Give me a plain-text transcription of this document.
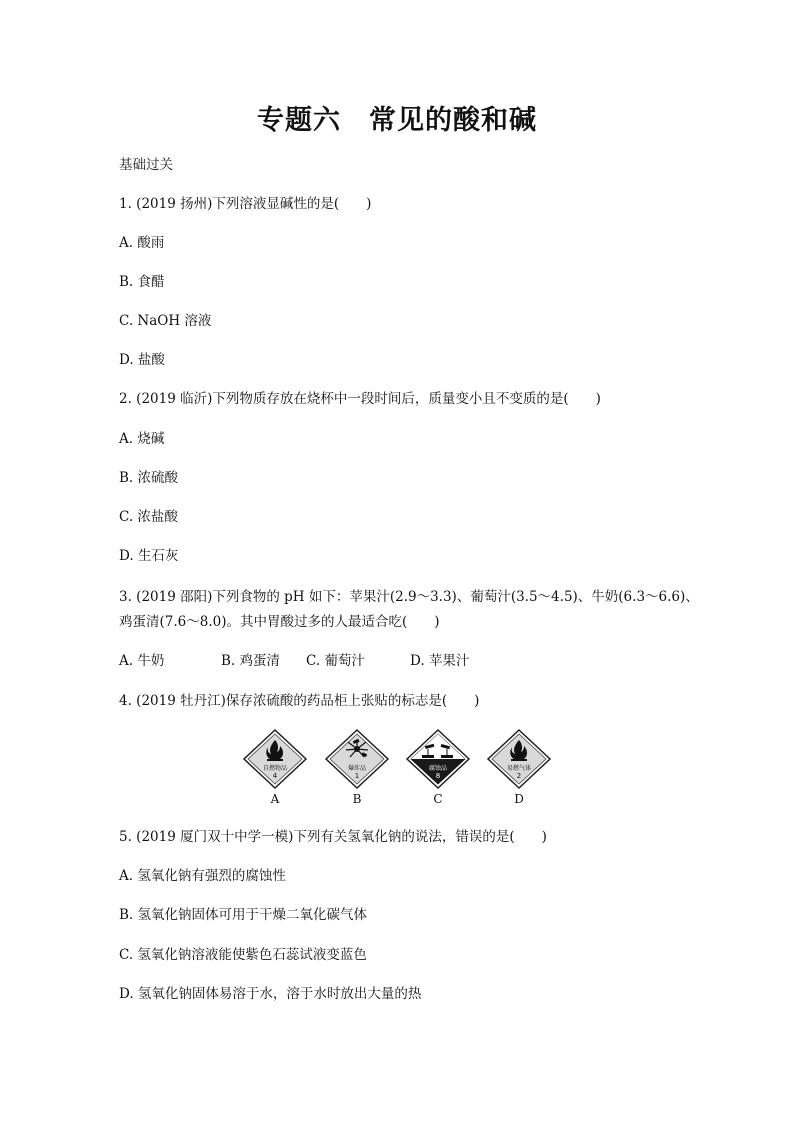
专题六　常见的酸和碱
基础过关
1. (2019 扬州)下列溶液显碱性的是(　　)
A. 酸雨
B. 食醋
C. NaOH 溶液
D. 盐酸
2. (2019 临沂)下列物质存放在烧杯中一段时间后，质量变小且不变质的是(　　)
A. 烧碱
B. 浓硫酸
C. 浓盐酸
D. 生石灰
3. (2019 邵阳)下列食物的 pH 如下：苹果汁(2.9～3.3)、葡萄汁(3.5～4.5)、牛奶(6.3～6.6)、
鸡蛋清(7.6～8.0)。其中胃酸过多的人最适合吃(　　)
A. 牛奶	B. 鸡蛋清 C. 葡萄汁	D. 苹果汁
4. (2019 牡丹江)保存浓硫酸的药品柜上张贴的标志是(　　)
自燃物品
4
A
爆炸品
1
B
腐蚀品
8
C
易燃气体
2
D
5. (2019 厦门双十中学一模)下列有关氢氧化钠的说法，错误的是(　　)
A. 氢氧化钠有强烈的腐蚀性
B. 氢氧化钠固体可用于干燥二氧化碳气体
C. 氢氧化钠溶液能使紫色石蕊试液变蓝色
D. 氢氧化钠固体易溶于水，溶于水时放出大量的热
